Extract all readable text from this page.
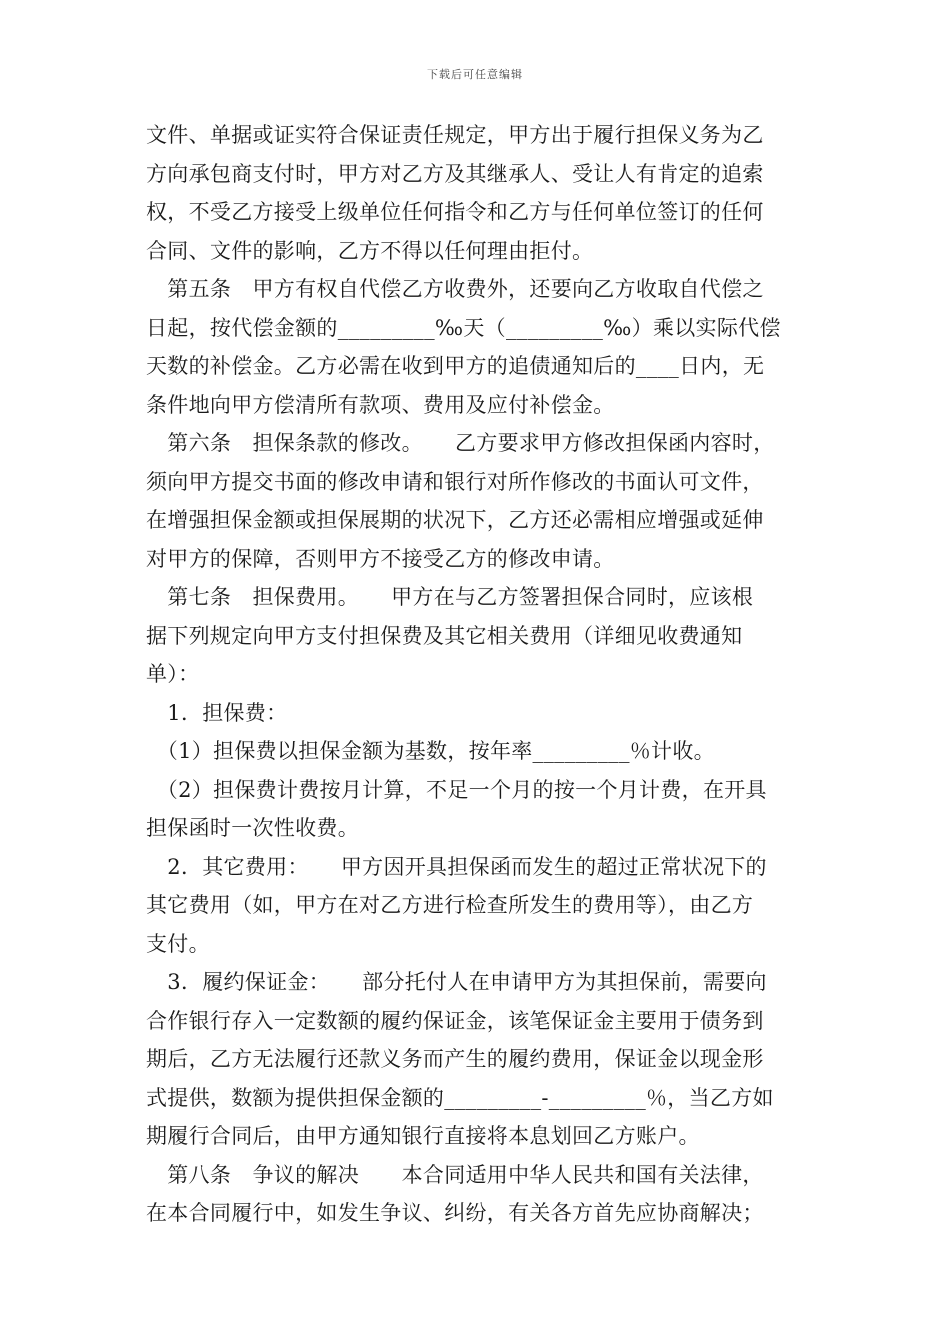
下载后可任意编辑
文件、单据或证实符合保证责任规定，甲方出于履行担保义务为乙
方向承包商支付时，甲方对乙方及其继承人、受让人有肯定的追索
权，不受乙方接受上级单位任何指令和乙方与任何单位签订的任何
合同、文件的影响，乙方不得以任何理由拒付。
　第五条　甲方有权自代偿乙方收费外，还要向乙方收取自代偿之
日起，按代偿金额的_________‰天（_________‰）乘以实际代偿
天数的补偿金。乙方必需在收到甲方的追债通知后的____日内，无
条件地向甲方偿清所有款项、费用及应付补偿金。
　第六条　担保条款的修改。　　乙方要求甲方修改担保函内容时，
须向甲方提交书面的修改申请和银行对所作修改的书面认可文件，
在增强担保金额或担保展期的状况下，乙方还必需相应增强或延伸
对甲方的保障，否则甲方不接受乙方的修改申请。
　第七条　担保费用。　　甲方在与乙方签署担保合同时，应该根
据下列规定向甲方支付担保费及其它相关费用（详细见收费通知
单）：
　1．担保费：
　（1）担保费以担保金额为基数，按年率_________％计收。
　（2）担保费计费按月计算，不足一个月的按一个月计费，在开具
担保函时一次性收费。
　2．其它费用：　　甲方因开具担保函而发生的超过正常状况下的
其它费用（如，甲方在对乙方进行检查所发生的费用等），由乙方
支付。
　3．履约保证金：　　部分托付人在申请甲方为其担保前，需要向
合作银行存入一定数额的履约保证金，该笔保证金主要用于债务到
期后，乙方无法履行还款义务而产生的履约费用，保证金以现金形
式提供，数额为提供担保金额的_________-_________％，当乙方如
期履行合同后，由甲方通知银行直接将本息划回乙方账户。
　第八条　争议的解决　　本合同适用中华人民共和国有关法律，
在本合同履行中，如发生争议、纠纷，有关各方首先应协商解决；
